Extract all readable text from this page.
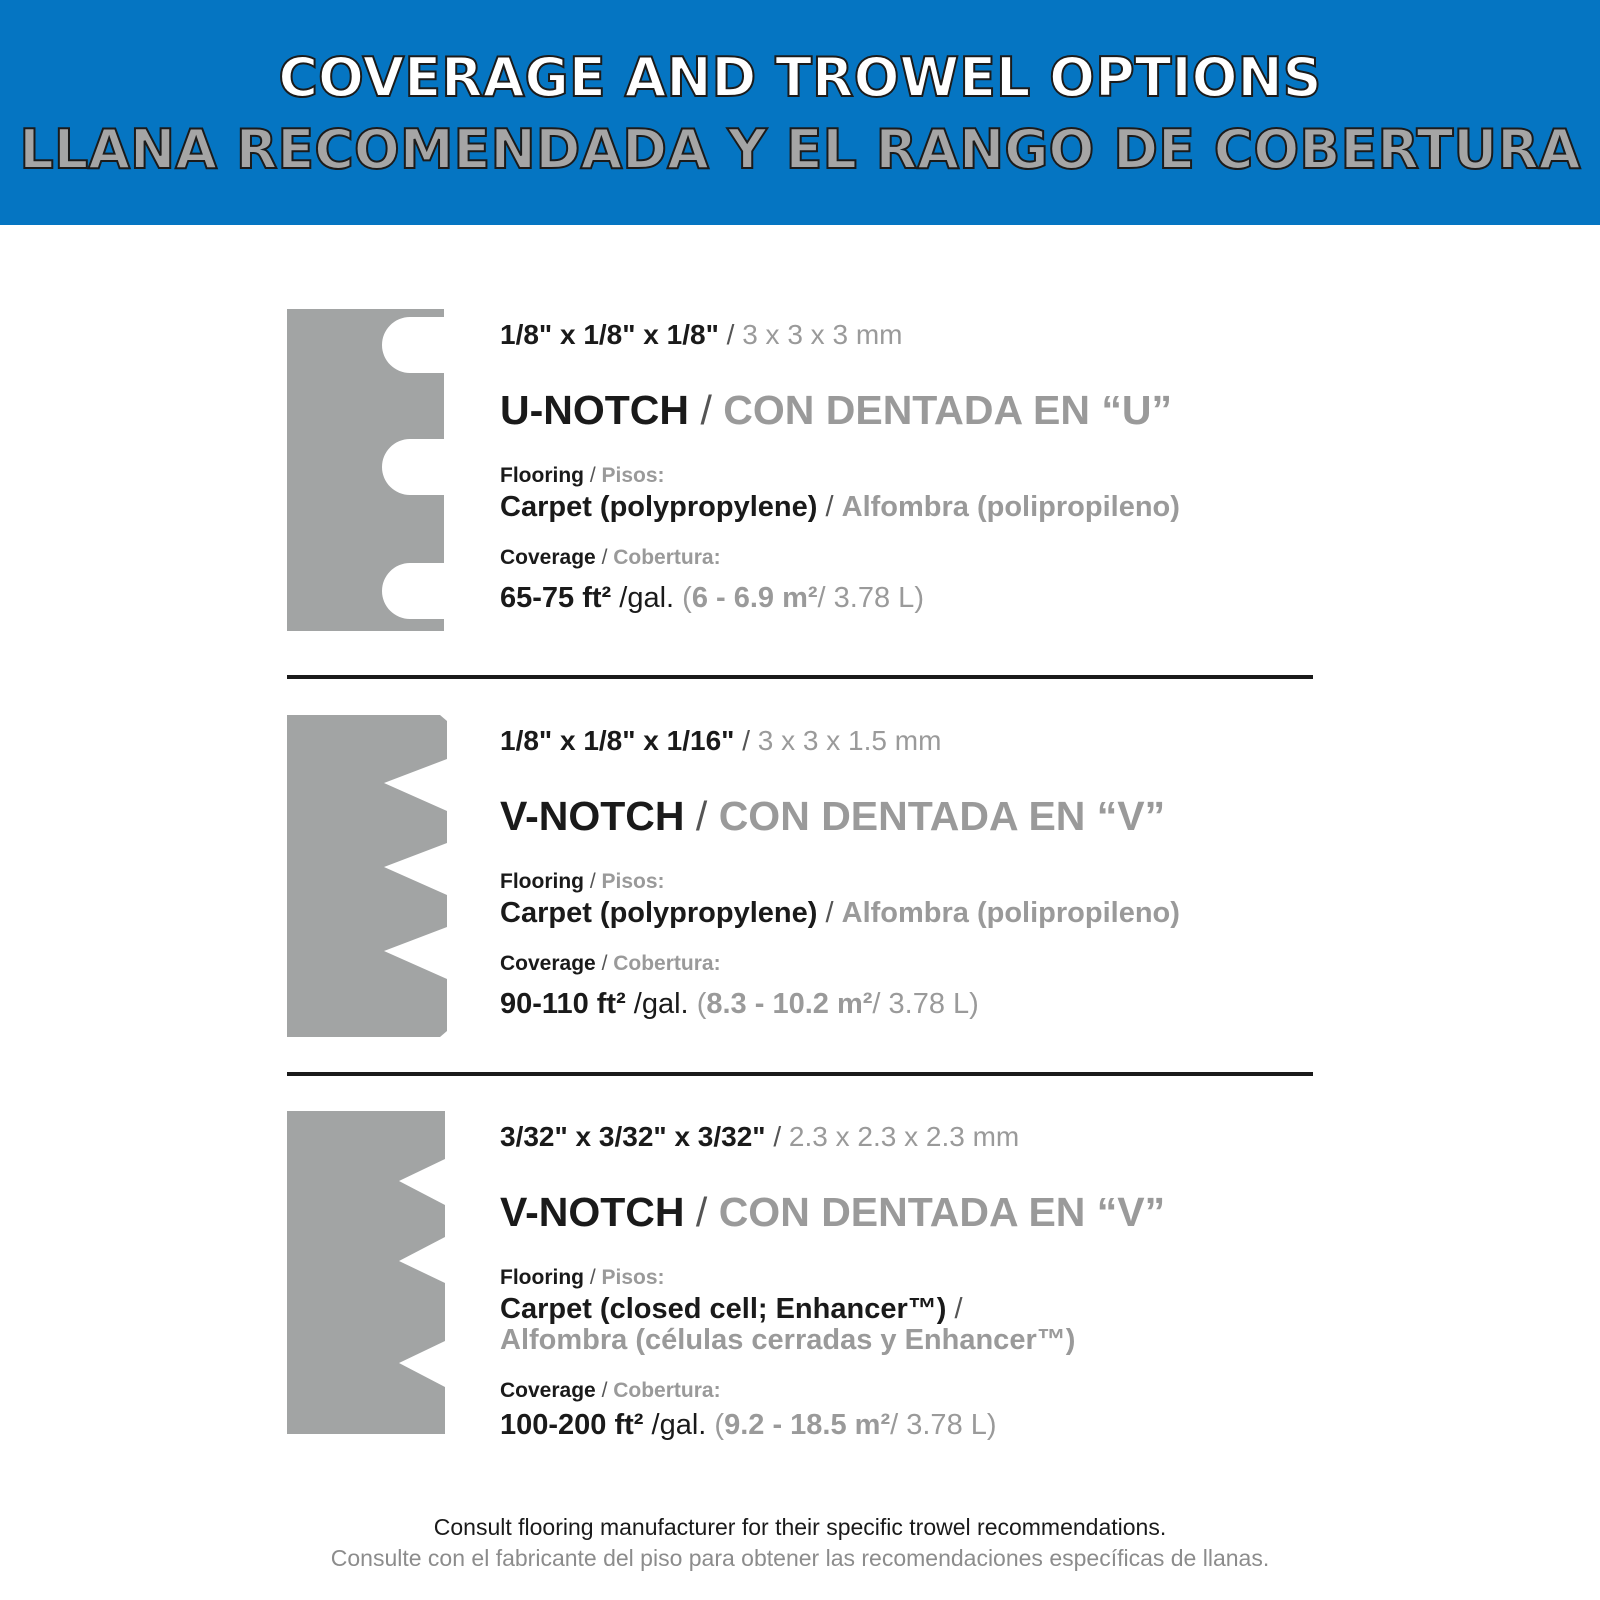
COVERAGE AND TROWEL OPTIONS
LLANA RECOMENDADA Y EL RANGO DE COBERTURA
1/8" x 1/8" x 1/8" / 3 x 3 x 3 mm
U-NOTCH / CON DENTADA EN “U”
Flooring / Pisos:
Carpet (polypropylene) / Alfombra (polipropileno)
Coverage / Cobertura:
65-75 ft² /gal. (6 - 6.9 m²/ 3.78 L)
1/8" x 1/8" x 1/16" / 3 x 3 x 1.5 mm
V-NOTCH / CON DENTADA EN “V”
Flooring / Pisos:
Carpet (polypropylene) / Alfombra (polipropileno)
Coverage / Cobertura:
90-110 ft² /gal. (8.3 - 10.2 m²/ 3.78 L)
3/32" x 3/32" x 3/32" / 2.3 x 2.3 x 2.3 mm
V-NOTCH / CON DENTADA EN “V”
Flooring / Pisos:
Carpet (closed cell; Enhancer™) /
Alfombra (células cerradas y Enhancer™)
Coverage / Cobertura:
100-200 ft² /gal. (9.2 - 18.5 m²/ 3.78 L)
Consult flooring manufacturer for their specific trowel recommendations.
Consulte con el fabricante del piso para obtener las recomendaciones específicas de llanas.
